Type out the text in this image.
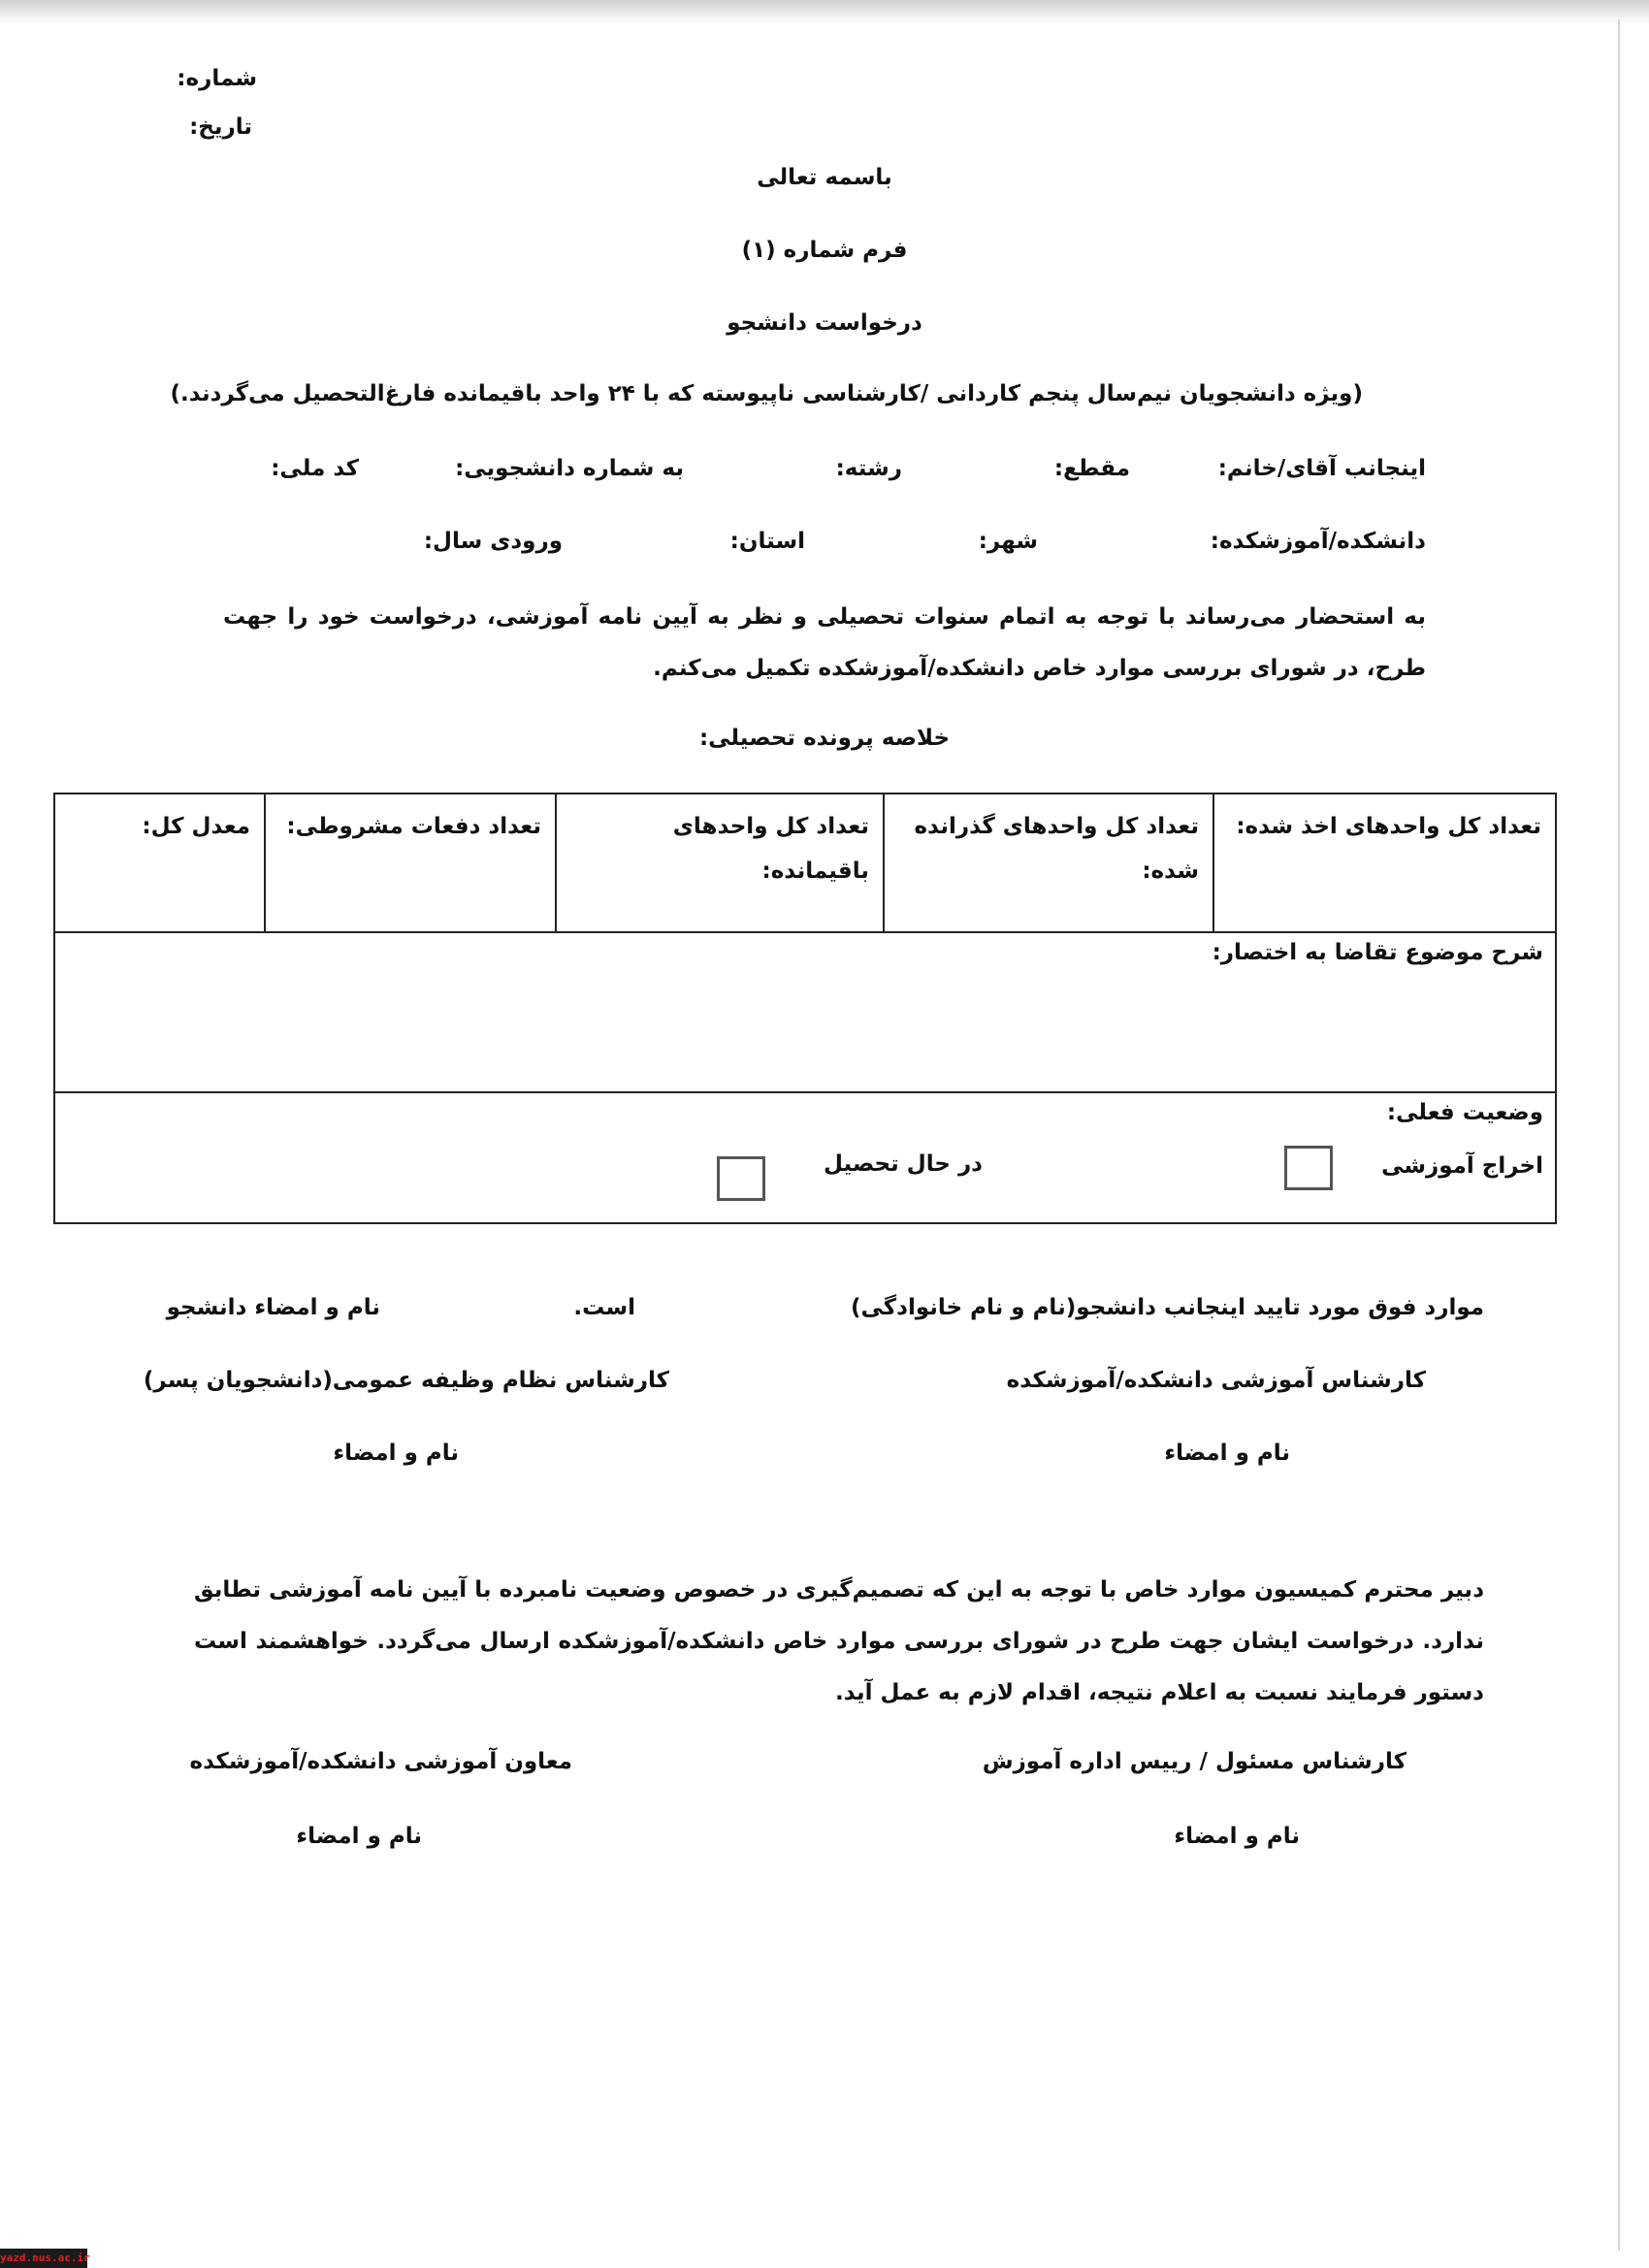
شماره:
تاریخ:
باسمه تعالی
فرم شماره (۱)
درخواست دانشجو
(ویژه دانشجویان نیم‌سال پنجم کاردانی /کارشناسی ناپیوسته که با ۲۴ واحد باقیمانده فارغ‌التحصیل می‌گردند.)
اینجانب آقای/خانم:
مقطع:
رشته:
به شماره دانشجویی:
کد ملی:
دانشکده/آموزشکده:
شهر:
استان:
ورودی سال:
به استحضار می‌رساند با توجه به اتمام سنوات تحصیلی و نظر به آیین نامه آموزشی، درخواست خود را جهت طرح، در شورای بررسی موارد خاص دانشکده/آموزشکده تکمیل می‌کنم.
خلاصه پرونده تحصیلی:
تعداد کل واحدهای اخذ شده:
تعداد کل واحدهای گذرانده شده:
تعداد کل واحدهای باقیمانده:
تعداد دفعات مشروطی:
معدل کل:
شرح موضوع تقاضا به اختصار:
وضعیت فعلی:
اخراج آموزشی
در حال تحصیل
موارد فوق مورد تایید اینجانب دانشجو(نام و نام خانوادگی)
است.
نام و امضاء دانشجو
کارشناس آموزشی دانشکده/آموزشکده
کارشناس نظام وظیفه عمومی(دانشجویان پسر)
نام و امضاء
نام و امضاء
دبیر محترم کمیسیون موارد خاص با توجه به این که تصمیم‌گیری در خصوص وضعیت نامبرده با آیین نامه آموزشی تطابق ندارد. درخواست ایشان جهت طرح در شورای بررسی موارد خاص دانشکده/آموزشکده ارسال می‌گردد. خواهشمند است دستور فرمایند نسبت به اعلام نتیجه، اقدام لازم به عمل آید.
کارشناس مسئول / رییس اداره آموزش
معاون آموزشی دانشکده/آموزشکده
نام و امضاء
نام و امضاء
yazd.nus.ac.ir
